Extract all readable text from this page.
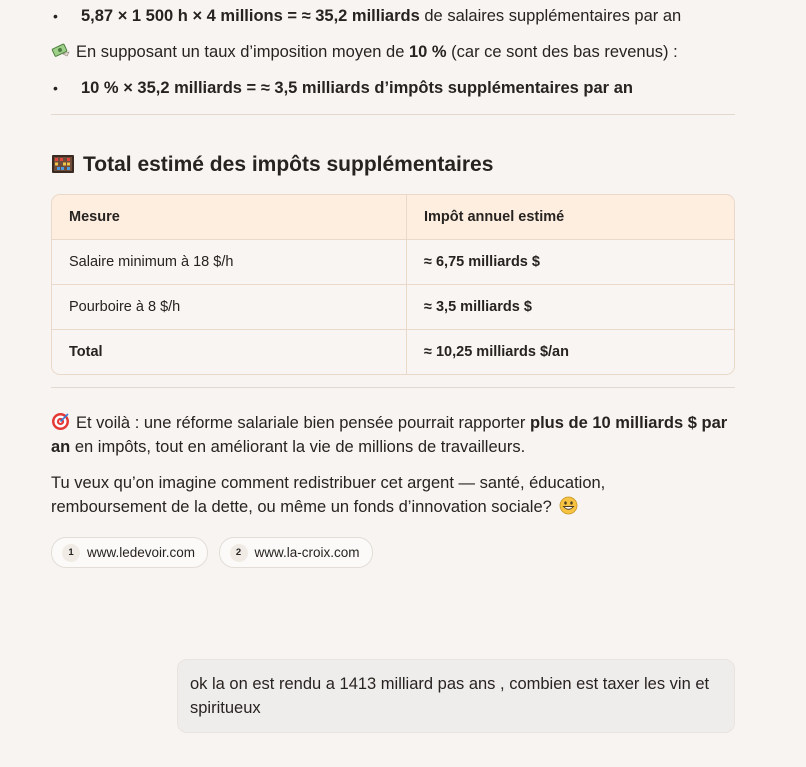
• 5,87 × 1 500 h × 4 millions = ≈ 35,2 milliards de salaires supplémentaires par an
En supposant un taux d’imposition moyen de 10 % (car ce sont des bas revenus) :
• 10 % × 35,2 milliards = ≈ 3,5 milliards d’impôts supplémentaires par an
Total estimé des impôts supplémentaires
Mesure	Impôt annuel estimé
Salaire minimum à 18 $/h	≈ 6,75 milliards $
Pourboire à 8 $/h	≈ 3,5 milliards $
Total	≈ 10,25 milliards $/an
Et voilà : une réforme salariale bien pensée pourrait rapporter plus de 10 milliards $ par an en impôts, tout en améliorant la vie de millions de travailleurs.
Tu veux qu’on imagine comment redistribuer cet argent — santé, éducation, remboursement de la dette, ou même un fonds d’innovation sociale?
1 www.ledevoir.com
	2 www.la-croix.com
ok la on est rendu a 1413 milliard pas ans , combien est taxer les vin et spiritueux
